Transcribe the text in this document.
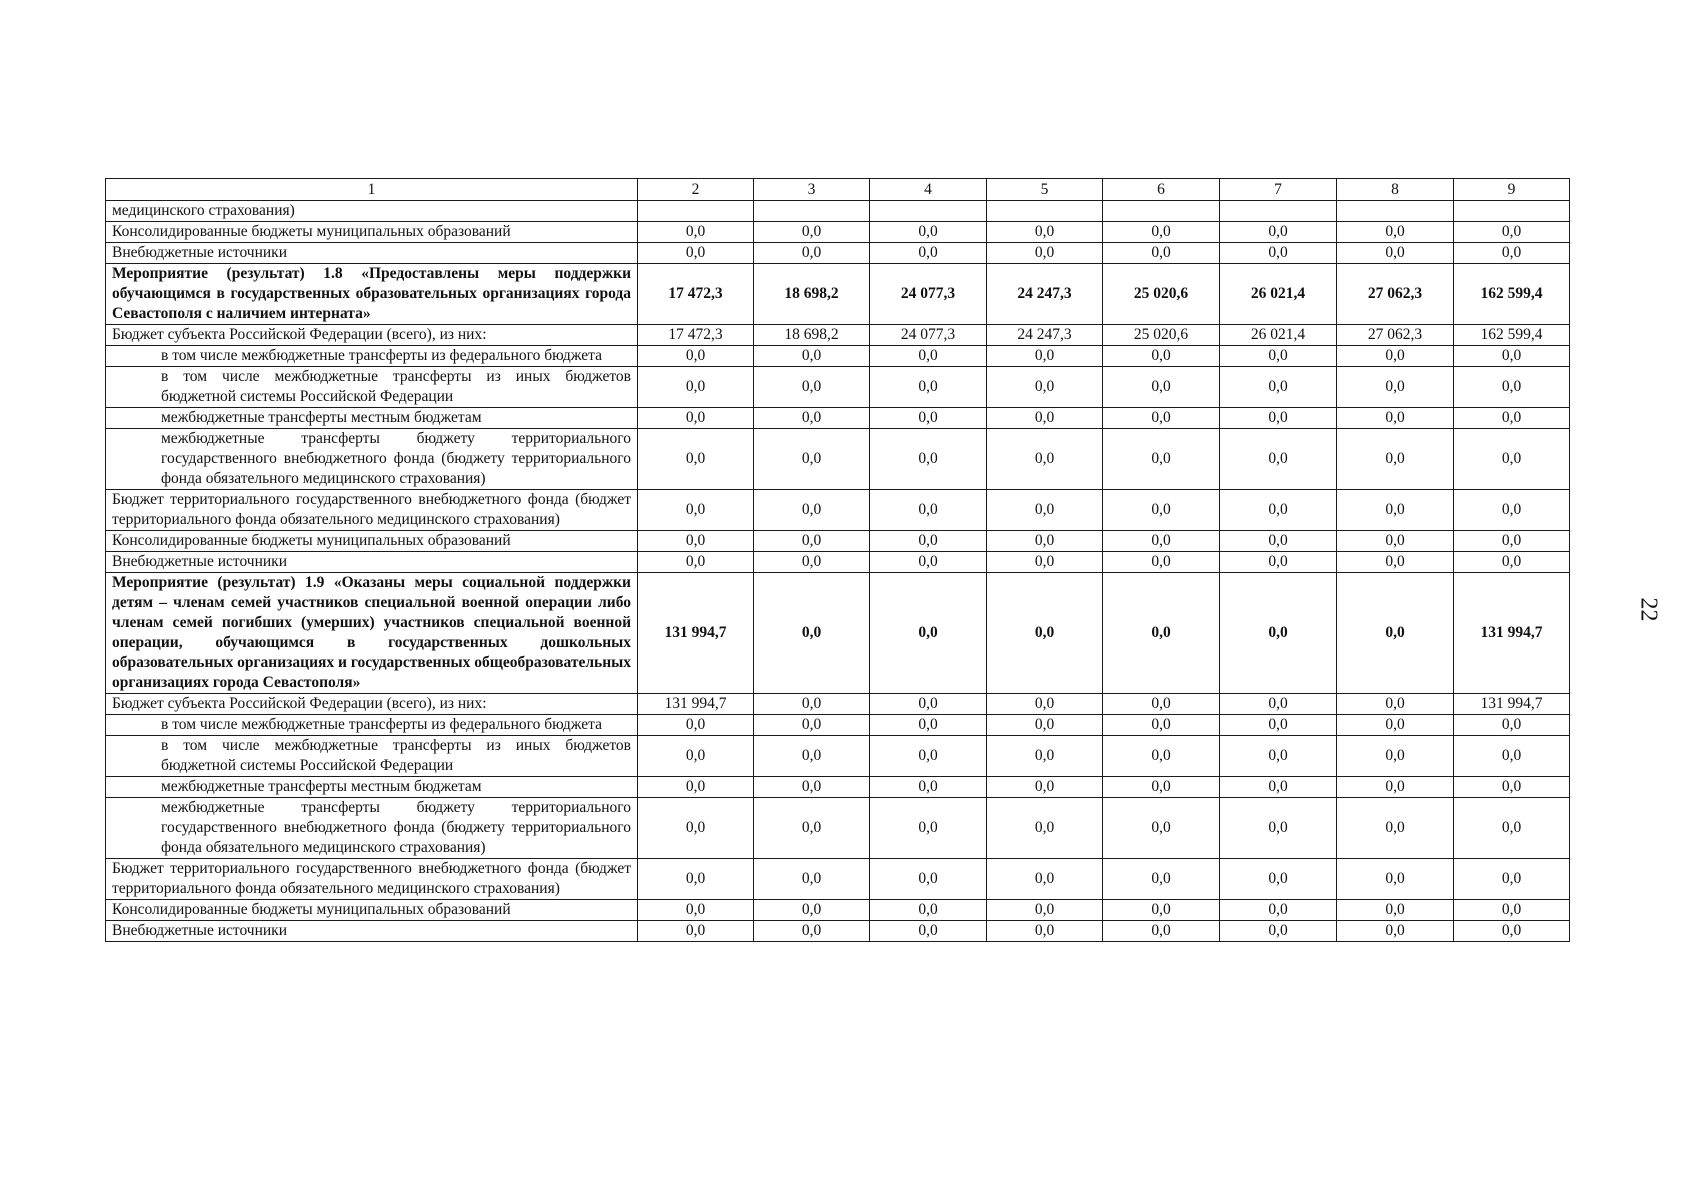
1	2	3	4	5	6	7	8	9
медицинского страхования)								
Консолидированные бюджеты муниципальных образований	0,0	0,0	0,0	0,0	0,0	0,0	0,0	0,0
Внебюджетные источники	0,0	0,0	0,0	0,0	0,0	0,0	0,0	0,0
Мероприятие (результат) 1.8 «Предоставлены меры поддержки обучающимся в государственных образовательных организациях города Севастополя с наличием интерната»	17 472,3	18 698,2	24 077,3	24 247,3	25 020,6	26 021,4	27 062,3	162 599,4
Бюджет субъекта Российской Федерации (всего), из них:	17 472,3	18 698,2	24 077,3	24 247,3	25 020,6	26 021,4	27 062,3	162 599,4
в том числе межбюджетные трансферты из федерального бюджета	0,0	0,0	0,0	0,0	0,0	0,0	0,0	0,0
в том числе межбюджетные трансферты из иных бюджетов бюджетной системы Российской Федерации	0,0	0,0	0,0	0,0	0,0	0,0	0,0	0,0
межбюджетные трансферты местным бюджетам	0,0	0,0	0,0	0,0	0,0	0,0	0,0	0,0
межбюджетные трансферты бюджету территориального государственного внебюджетного фонда (бюджету территориального фонда обязательного медицинского страхования)	0,0	0,0	0,0	0,0	0,0	0,0	0,0	0,0
Бюджет территориального государственного внебюджетного фонда (бюджет территориального фонда обязательного медицинского страхования)	0,0	0,0	0,0	0,0	0,0	0,0	0,0	0,0
Консолидированные бюджеты муниципальных образований	0,0	0,0	0,0	0,0	0,0	0,0	0,0	0,0
Внебюджетные источники	0,0	0,0	0,0	0,0	0,0	0,0	0,0	0,0
Мероприятие (результат) 1.9 «Оказаны меры социальной поддержки детям – членам семей участников специальной военной операции либо членам семей погибших (умерших) участников специальной военной операции, обучающимся в государственных дошкольных образовательных организациях и государственных общеобразовательных организациях города Севастополя»	131 994,7	0,0	0,0	0,0	0,0	0,0	0,0	131 994,7
Бюджет субъекта Российской Федерации (всего), из них:	131 994,7	0,0	0,0	0,0	0,0	0,0	0,0	131 994,7
в том числе межбюджетные трансферты из федерального бюджета	0,0	0,0	0,0	0,0	0,0	0,0	0,0	0,0
в том числе межбюджетные трансферты из иных бюджетов бюджетной системы Российской Федерации	0,0	0,0	0,0	0,0	0,0	0,0	0,0	0,0
межбюджетные трансферты местным бюджетам	0,0	0,0	0,0	0,0	0,0	0,0	0,0	0,0
межбюджетные трансферты бюджету территориального государственного внебюджетного фонда (бюджету территориального фонда обязательного медицинского страхования)	0,0	0,0	0,0	0,0	0,0	0,0	0,0	0,0
Бюджет территориального государственного внебюджетного фонда (бюджет территориального фонда обязательного медицинского страхования)	0,0	0,0	0,0	0,0	0,0	0,0	0,0	0,0
Консолидированные бюджеты муниципальных образований	0,0	0,0	0,0	0,0	0,0	0,0	0,0	0,0
Внебюджетные источники	0,0	0,0	0,0	0,0	0,0	0,0	0,0	0,0
22
